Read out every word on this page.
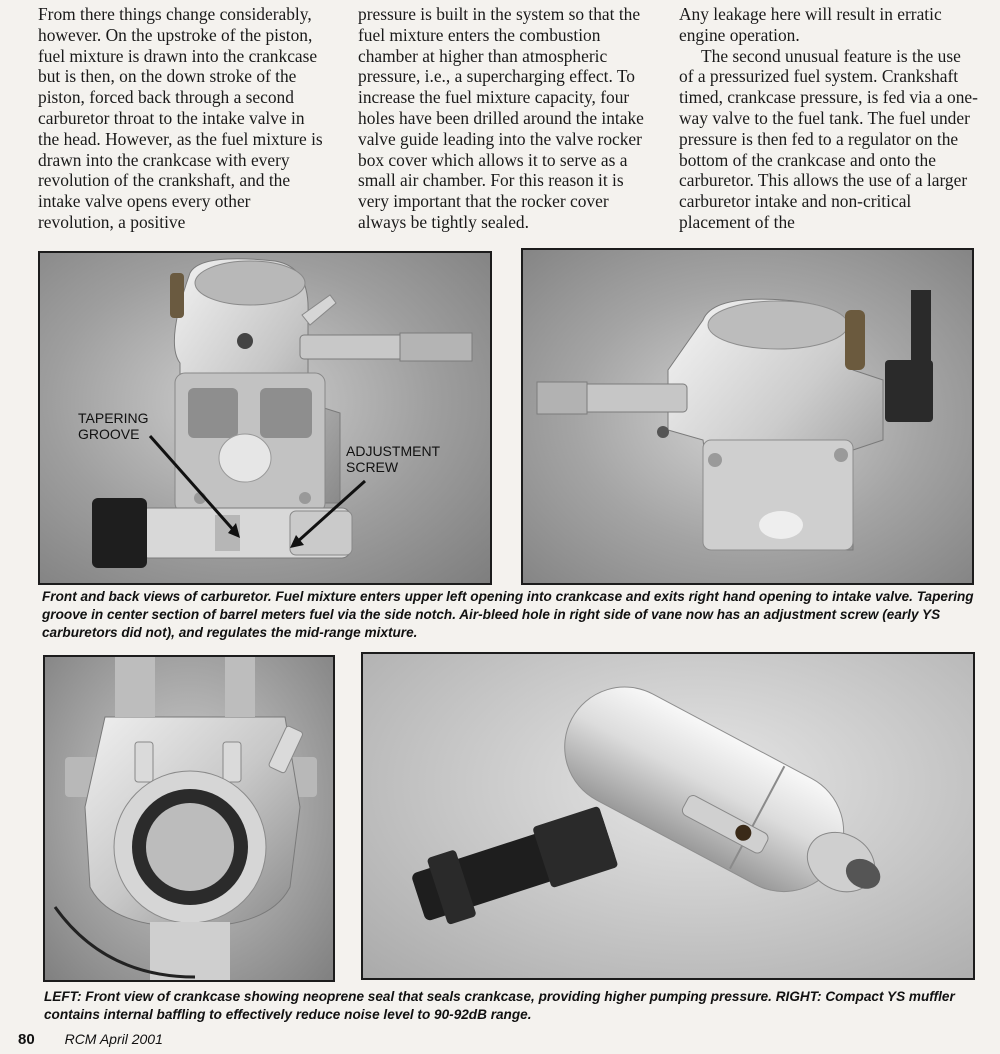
From there things change considerably, however. On the upstroke of the piston, fuel mixture is drawn into the crankcase but is then, on the down stroke of the piston, forced back through a second carburetor throat to the intake valve in the head. However, as the fuel mixture is drawn into the crankcase with every revolution of the crankshaft, and the intake valve opens every other revolution, a positive

pressure is built in the system so that the fuel mixture enters the combustion chamber at higher than atmospheric pressure, i.e., a supercharging effect. To increase the fuel mixture capacity, four holes have been drilled around the intake valve guide leading into the valve rocker box cover which allows it to serve as a small air chamber. For this reason it is very important that the rocker cover always be tightly sealed.

Any leakage here will result in erratic engine operation.

The second unusual feature is the use of a pressurized fuel system. Crankshaft timed, crankcase pressure, is fed via a one-way valve to the fuel tank. The fuel under pressure is then fed to a regulator on the bottom of the crankcase and onto the carburetor. This allows the use of a larger carburetor intake and non-critical placement of the

TAPERING GROOVE
ADJUSTMENT SCREW
Front and back views of carburetor. Fuel mixture enters upper left opening into crankcase and exits right hand opening to intake valve. Tapering groove in center section of barrel meters fuel via the side notch. Air-bleed hole in right side of vane now has an adjustment screw (early YS carburetors did not), and regulates the mid-range mixture.
LEFT: Front view of crankcase showing neoprene seal that seals crankcase, providing higher pumping pressure. RIGHT: Compact YS muffler contains internal baffling to effectively reduce noise level to 90-92dB range.
80 RCM April 2001
